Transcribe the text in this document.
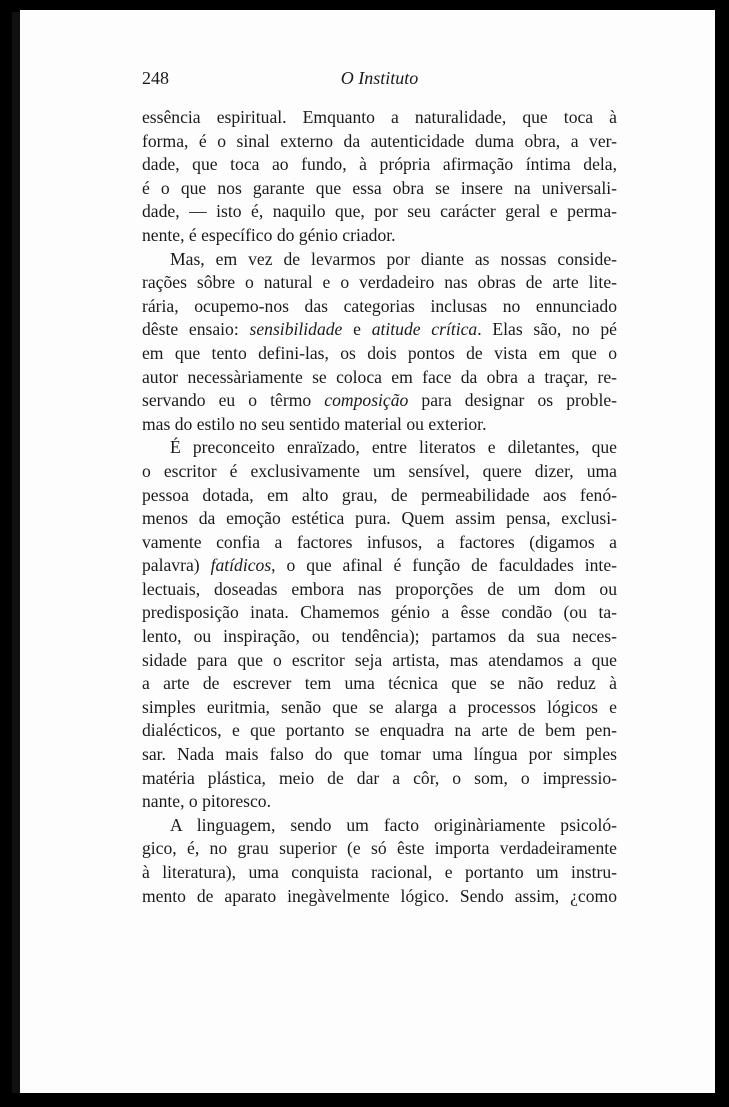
248	O Instituto
essência espiritual. Emquanto a naturalidade, que toca à
forma, é o sinal externo da autenticidade duma obra, a ver-
dade, que toca ao fundo, à própria afirmação íntima dela,
é o que nos garante que essa obra se insere na universali-
dade, — isto é, naquilo que, por seu carácter geral e perma-
nente, é específico do génio criador.
Mas, em vez de levarmos por diante as nossas conside-
rações sôbre o natural e o verdadeiro nas obras de arte lite-
rária, ocupemo-nos das categorias inclusas no ennunciado
dêste ensaio: sensibilidade e atitude crítica. Elas são, no pé
em que tento defini-las, os dois pontos de vista em que o
autor necessàriamente se coloca em face da obra a traçar, re-
servando eu o têrmo composição para designar os proble-
mas do estilo no seu sentido material ou exterior.
É preconceito enraïzado, entre literatos e diletantes, que
o escritor é exclusivamente um sensível, quere dizer, uma
pessoa dotada, em alto grau, de permeabilidade aos fenó-
menos da emoção estética pura. Quem assim pensa, exclusi-
vamente confia a factores infusos, a factores (digamos a
palavra) fatídicos, o que afinal é função de faculdades inte-
lectuais, doseadas embora nas proporções de um dom ou
predisposição inata. Chamemos génio a êsse condão (ou ta-
lento, ou inspiração, ou tendência); partamos da sua neces-
sidade para que o escritor seja artista, mas atendamos a que
a arte de escrever tem uma técnica que se não reduz à
simples euritmia, senão que se alarga a processos lógicos e
dialécticos, e que portanto se enquadra na arte de bem pen-
sar. Nada mais falso do que tomar uma língua por simples
matéria plástica, meio de dar a côr, o som, o impressio-
nante, o pitoresco.
A linguagem, sendo um facto originàriamente psicoló-
gico, é, no grau superior (e só êste importa verdadeiramente
à literatura), uma conquista racional, e portanto um instru-
mento de aparato inegàvelmente lógico. Sendo assim, ¿como
